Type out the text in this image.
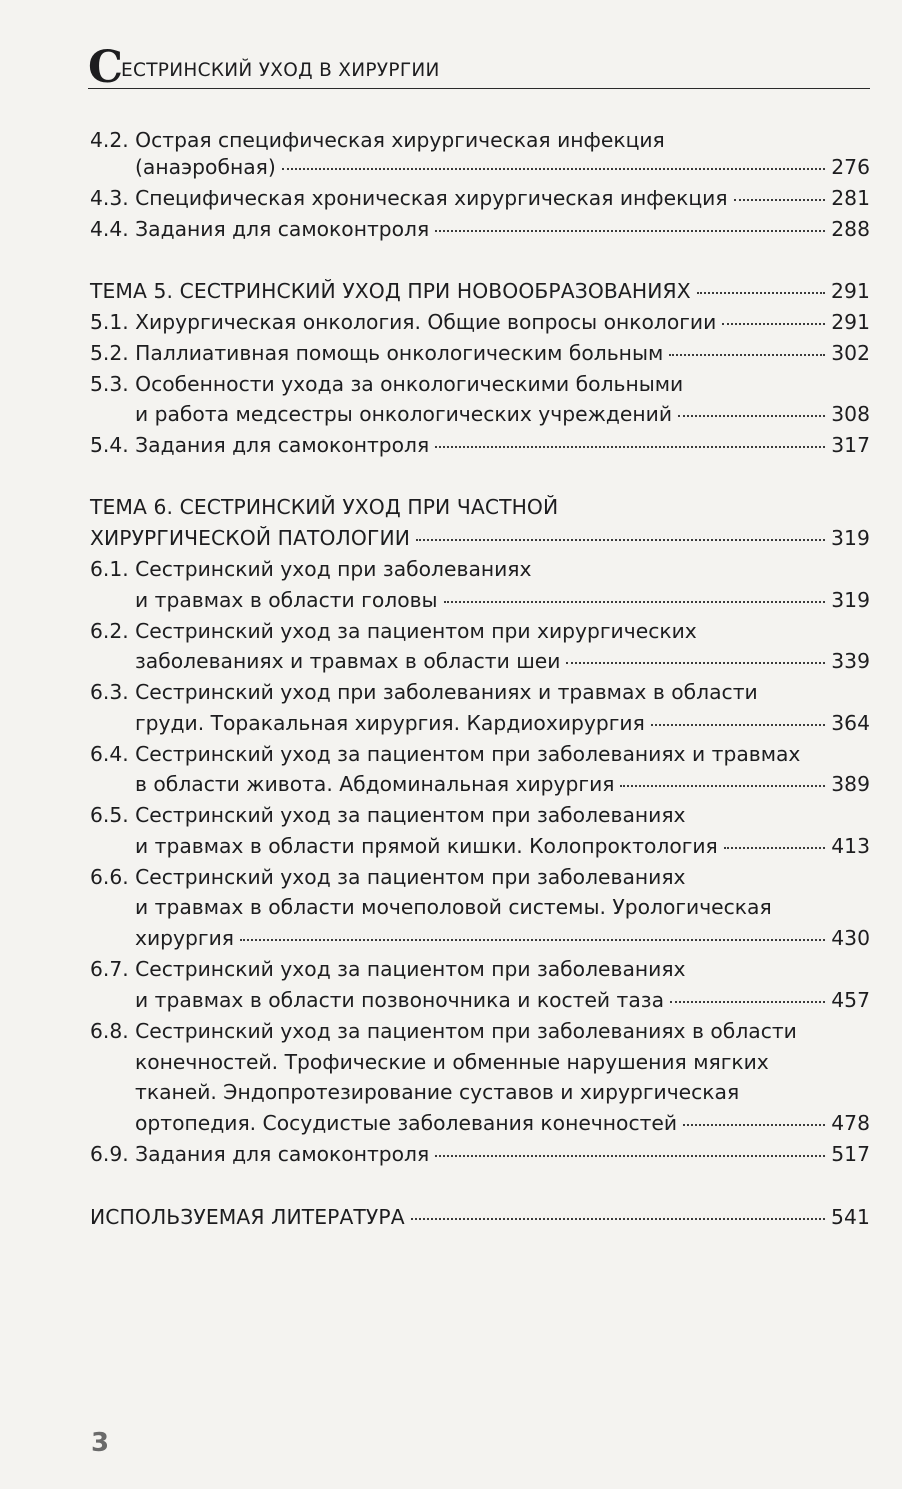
С
ЕСТРИНСКИЙ УХОД В ХИРУРГИИ
4.2. Острая специфическая хирургическая инфекция
(анаэробная)	276
4.3. Специфическая хроническая хирургическая инфекция	281
4.4. Задания для самоконтроля	288
ТЕМА 5. СЕСТРИНСКИЙ УХОД ПРИ НОВООБРАЗОВАНИЯХ	291
5.1. Хирургическая онкология. Общие вопросы онкологии	291
5.2. Паллиативная помощь онкологическим больным	302
5.3. Особенности ухода за онкологическими больными
и работа медсестры онкологических учреждений	308
5.4. Задания для самоконтроля	317
ТЕМА 6. СЕСТРИНСКИЙ УХОД ПРИ ЧАСТНОЙ
ХИРУРГИЧЕСКОЙ ПАТОЛОГИИ	319
6.1. Сестринский уход при заболеваниях
и травмах в области головы	319
6.2. Сестринский уход за пациентом при хирургических
заболеваниях и травмах в области шеи	339
6.3. Сестринский уход при заболеваниях и травмах в области
груди. Торакальная хирургия. Кардиохирургия	364
6.4. Сестринский уход за пациентом при заболеваниях и травмах
в области живота. Абдоминальная хирургия	389
6.5. Сестринский уход за пациентом при заболеваниях
и травмах в области прямой кишки. Колопроктология	413
6.6. Сестринский уход за пациентом при заболеваниях
и травмах в области мочеполовой системы. Урологическая
хирургия	430
6.7. Сестринский уход за пациентом при заболеваниях
и травмах в области позвоночника и костей таза	457
6.8. Сестринский уход за пациентом при заболеваниях в области
конечностей. Трофические и обменные нарушения мягких
тканей. Эндопротезирование суставов и хирургическая
ортопедия. Сосудистые заболевания конечностей	478
6.9. Задания для самоконтроля	517
ИСПОЛЬЗУЕМАЯ ЛИТЕРАТУРА	541
3
